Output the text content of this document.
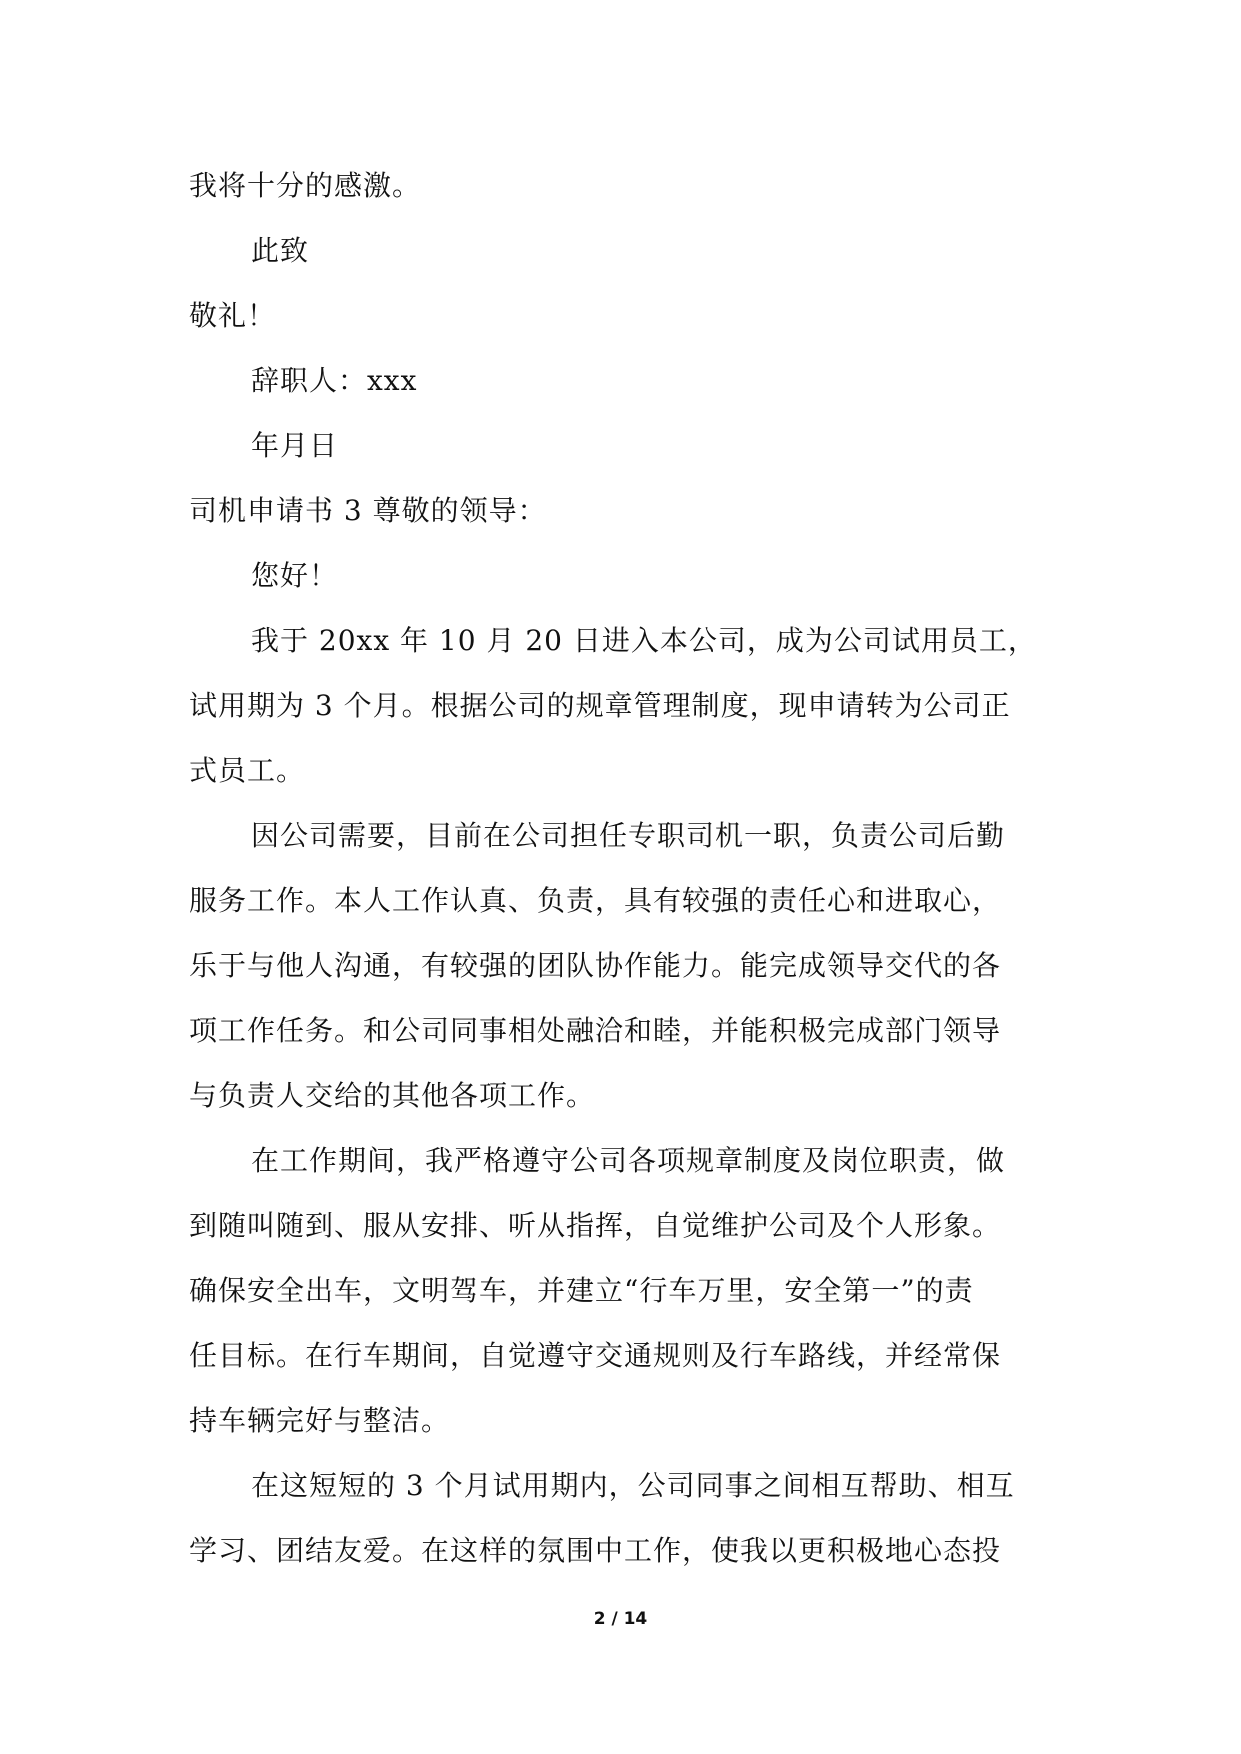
我将十分的感激。
此致
敬礼！
辞职人：xxx
年月日
司机申请书 3 尊敬的领导：
您好！
我于 20xx 年 10 月 20 日进入本公司，成为公司试用员工，
试用期为 3 个月。根据公司的规章管理制度，现申请转为公司正
式员工。
因公司需要，目前在公司担任专职司机一职，负责公司后勤
服务工作。本人工作认真、负责，具有较强的责任心和进取心，
乐于与他人沟通，有较强的团队协作能力。能完成领导交代的各
项工作任务。和公司同事相处融洽和睦，并能积极完成部门领导
与负责人交给的其他各项工作。
在工作期间，我严格遵守公司各项规章制度及岗位职责，做
到随叫随到、服从安排、听从指挥，自觉维护公司及个人形象。
确保安全出车，文明驾车，并建立“行车万里，安全第一”的责
任目标。在行车期间，自觉遵守交通规则及行车路线，并经常保
持车辆完好与整洁。
在这短短的 3 个月试用期内，公司同事之间相互帮助、相互
学习、团结友爱。在这样的氛围中工作，使我以更积极地心态投
2 / 14
